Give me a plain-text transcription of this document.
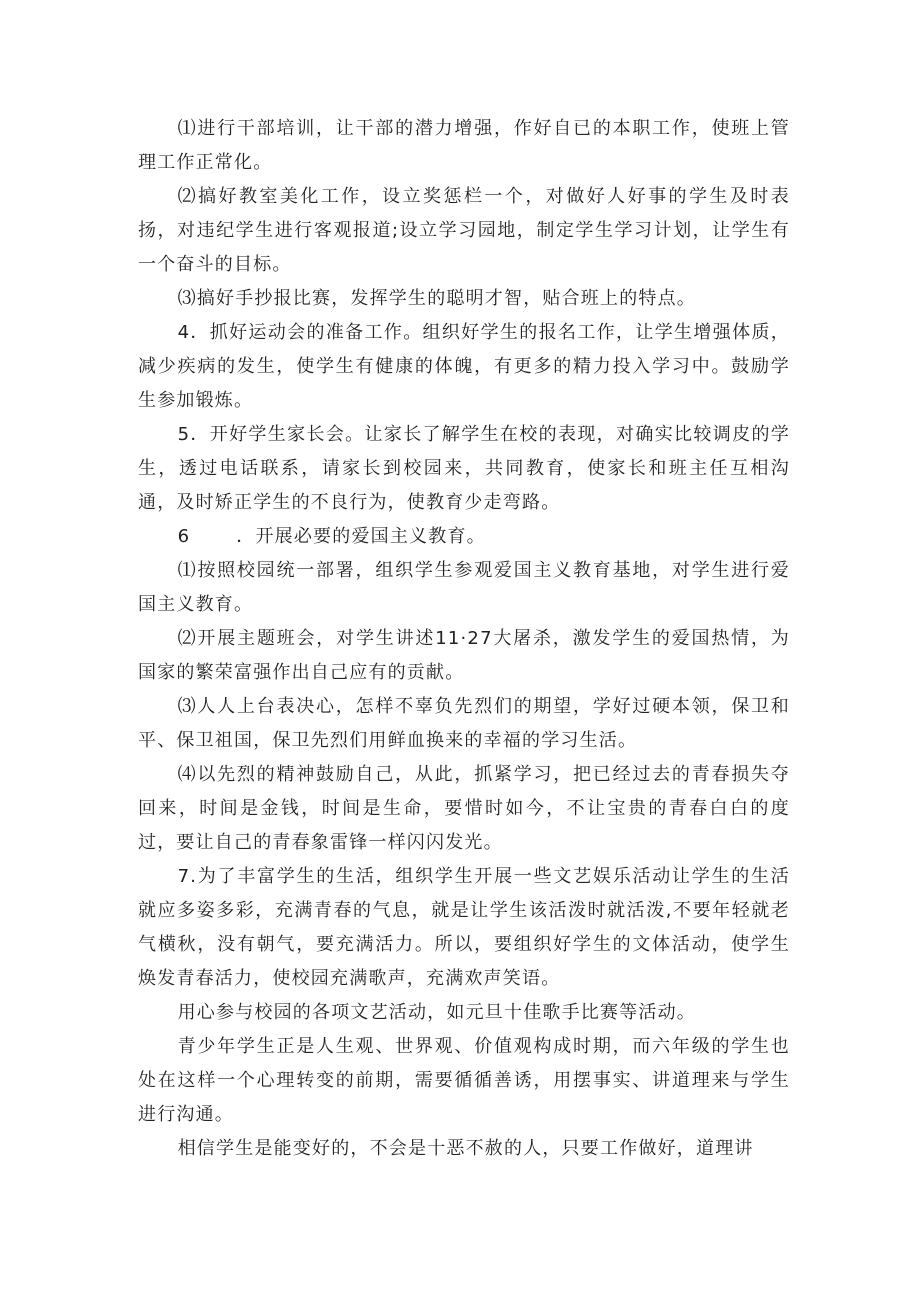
⑴进行干部培训，让干部的潜力增强，作好自已的本职工作，使班上管理工作正常化。

⑵搞好教室美化工作，设立奖惩栏一个，对做好人好事的学生及时表扬，对违纪学生进行客观报道;设立学习园地，制定学生学习计划，让学生有一个奋斗的目标。

⑶搞好手抄报比赛，发挥学生的聪明才智，贴合班上的特点。

4．抓好运动会的准备工作。组织好学生的报名工作，让学生增强体质，减少疾病的发生，使学生有健康的体魄，有更多的精力投入学习中。鼓励学生参加锻炼。

5．开好学生家长会。让家长了解学生在校的表现，对确实比较调皮的学生，透过电话联系，请家长到校园来，共同教育，使家长和班主任互相沟通，及时矫正学生的不良行为，使教育少走弯路。

6	．开展必要的爱国主义教育。

⑴按照校园统一部署，组织学生参观爱国主义教育基地，对学生进行爱国主义教育。

⑵开展主题班会，对学生讲述11·27大屠杀，激发学生的爱国热情，为国家的繁荣富强作出自己应有的贡献。

⑶人人上台表决心，怎样不辜负先烈们的期望，学好过硬本领，保卫和平、保卫祖国，保卫先烈们用鲜血换来的幸福的学习生活。

⑷以先烈的精神鼓励自己，从此，抓紧学习，把已经过去的青春损失夺回来，时间是金钱，时间是生命，要惜时如今，不让宝贵的青春白白的度过，要让自己的青春象雷锋一样闪闪发光。

7.为了丰富学生的生活，组织学生开展一些文艺娱乐活动让学生的生活就应多姿多彩，充满青春的气息，就是让学生该活泼时就活泼,不要年轻就老气横秋，没有朝气，要充满活力。所以，要组织好学生的文体活动，使学生焕发青春活力，使校园充满歌声，充满欢声笑语。

用心参与校园的各项文艺活动，如元旦十佳歌手比赛等活动。

青少年学生正是人生观、世界观、价值观构成时期，而六年级的学生也处在这样一个心理转变的前期，需要循循善诱，用摆事实、讲道理来与学生进行沟通。

相信学生是能变好的，不会是十恶不赦的人，只要工作做好，道理讲
